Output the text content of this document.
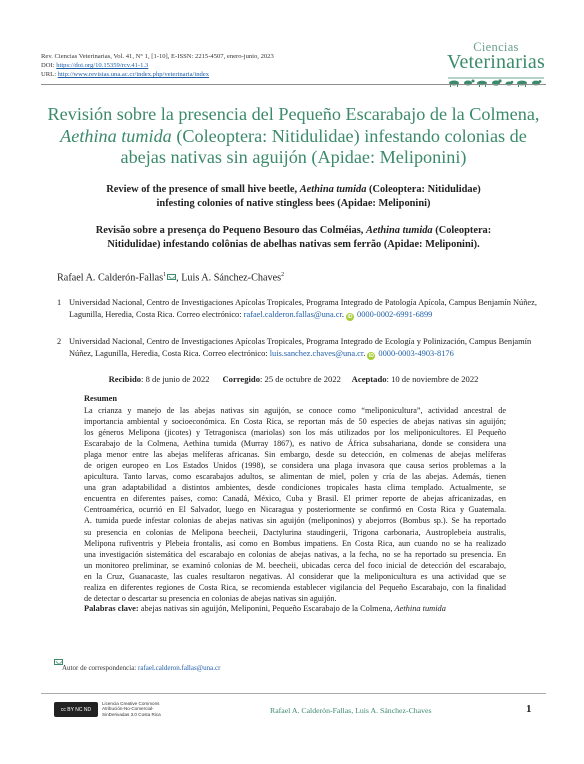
Rev. Ciencias Veterinarias, Vol. 41, N° 1, [1-10], E-ISSN: 2215-4507, enero-junio, 2023
DOI: https://doi.org/10.15359/rcv.41-1.3
URL: http://www.revistas.una.ac.cr/index.php/veterinaria/index
Ciencias
Veterinarias
Revisión sobre la presencia del Pequeño Escarabajo de la Colmena,
Aethina tumida (Coleoptera: Nitidulidae) infestando colonias de
abejas nativas sin aguijón (Apidae: Meliponini)
Review of the presence of small hive beetle, Aethina tumida (Coleoptera: Nitidulidae)
infesting colonies of native stingless bees (Apidae: Meliponini)
Revisão sobre a presença do Pequeno Besouro das Colméias, Aethina tumida (Coleoptera:
Nitidulidae) infestando colônias de abelhas nativas sem ferrão (Apidae: Meliponini).
Rafael A. Calderón-Fallas$^1$ , Luis A. Sánchez-Chaves$^2$
1 Universidad Nacional, Centro de Investigaciones Apícolas Tropicales, Programa Integrado de Patología Apícola, Campus Benjamín Núñez, Lagunilla, Heredia, Costa Rica. Correo electrónico: rafael.calderon.fallas@una.cr. iD 0000-0002-6991-6899
2 Universidad Nacional, Centro de Investigaciones Apícolas Tropicales, Programa Integrado de Ecología y Polinización, Campus Benjamín Núñez, Lagunilla, Heredia, Costa Rica. Correo electrónico: luis.sanchez.chaves@una.cr. iD 0000-0003-4903-8176
Recibido: 8 de junio de 2022 Corregido: 25 de octubre de 2022 Aceptado: 10 de noviembre de 2022
Resumen
La crianza y manejo de las abejas nativas sin aguijón, se conoce como “meliponicultura”, actividad ancestral de
importancia ambiental y socioeconómica. En Costa Rica, se reportan más de 50 especies de abejas nativas sin aguijón;
los géneros Melipona (jicotes) y Tetragonisca (mariolas) son los más utilizados por los meliponicultores. El Pequeño
Escarabajo de la Colmena, Aethina tumida (Murray 1867), es nativo de África subsahariana, donde se considera una
plaga menor entre las abejas melíferas africanas. Sin embargo, desde su detección, en colmenas de abejas melíferas
de origen europeo en Los Estados Unidos (1998), se considera una plaga invasora que causa serios problemas a la
apicultura. Tanto larvas, como escarabajos adultos, se alimentan de miel, polen y cría de las abejas. Además, tienen
una gran adaptabilidad a distintos ambientes, desde condiciones tropicales hasta clima templado. Actualmente, se
encuentra en diferentes países, como: Canadá, México, Cuba y Brasil. El primer reporte de abejas africanizadas, en
Centroamérica, ocurrió en El Salvador, luego en Nicaragua y posteriormente se confirmó en Costa Rica y Guatemala.
A. tumida puede infestar colonias de abejas nativas sin aguijón (meliponinos) y abejorros (Bombus sp.). Se ha reportado
su presencia en colonias de Melipona beecheii, Dactylurina staudingerii, Trigona carbonaria, Austroplebeia australis,
Melipona rufiventris y Plebeia frontalis, así como en Bombus impatiens. En Costa Rica, aun cuando no se ha realizado
una investigación sistemática del escarabajo en colonias de abejas nativas, a la fecha, no se ha reportado su presencia. En
un monitoreo preliminar, se examinó colonias de M. beecheii, ubicadas cerca del foco inicial de detección del escarabajo,
en la Cruz, Guanacaste, las cuales resultaron negativas. Al considerar que la meliponicultura es una actividad que se
realiza en diferentes regiones de Costa Rica, se recomienda establecer vigilancia del Pequeño Escarabajo, con la finalidad
de detectar o descartar su presencia en colonias de abejas nativas sin aguijón.
Palabras clave: abejas nativas sin aguijón, Meliponini, Pequeño Escarabajo de la Colmena, Aethina tumida
Autor de correspondencia: rafael.calderon.fallas@una.cr
cc BY NC ND
Licencia Creative Commons
Atribución-No-Comercial-
SinDerivadas 3.0 Costa Rica	Rafael A. Calderón-Fallas, Luis A. Sánchez-Chaves	1
